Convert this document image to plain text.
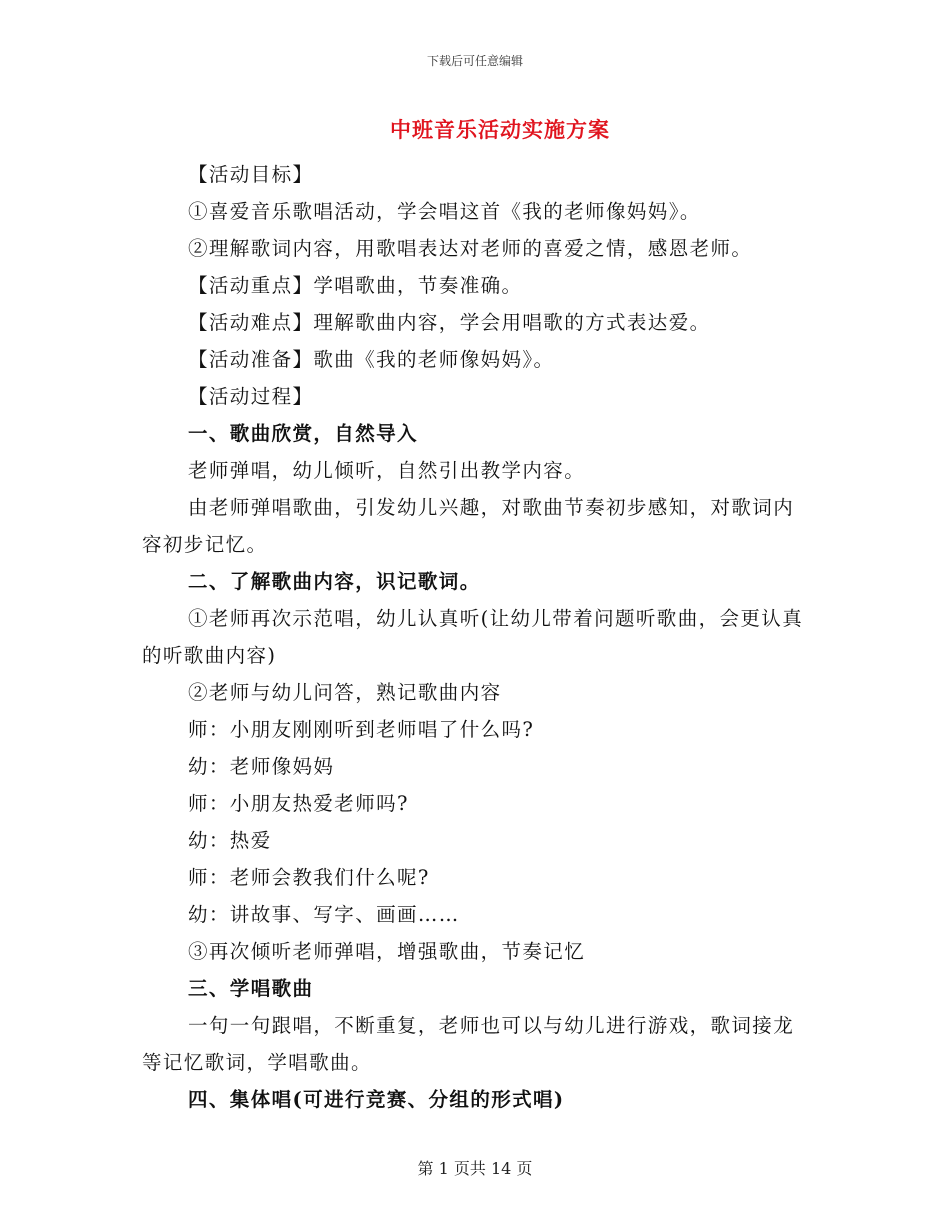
下载后可任意编辑
中班音乐活动实施方案

【活动目标】

①喜爱音乐歌唱活动，学会唱这首《我的老师像妈妈》。

②理解歌词内容，用歌唱表达对老师的喜爱之情，感恩老师。

【活动重点】学唱歌曲，节奏准确。

【活动难点】理解歌曲内容，学会用唱歌的方式表达爱。

【活动准备】歌曲《我的老师像妈妈》。

【活动过程】

一、歌曲欣赏，自然导入

老师弹唱，幼儿倾听，自然引出教学内容。

由老师弹唱歌曲，引发幼儿兴趣，对歌曲节奏初步感知，对歌词内容初步记忆。

二、了解歌曲内容，识记歌词。

①老师再次示范唱，幼儿认真听(让幼儿带着问题听歌曲，会更认真的听歌曲内容)

②老师与幼儿问答，熟记歌曲内容

师：小朋友刚刚听到老师唱了什么吗?

幼：老师像妈妈

师：小朋友热爱老师吗?

幼：热爱

师：老师会教我们什么呢?

幼：讲故事、写字、画画……

③再次倾听老师弹唱，增强歌曲，节奏记忆

三、学唱歌曲

一句一句跟唱，不断重复，老师也可以与幼儿进行游戏，歌词接龙等记忆歌词，学唱歌曲。

四、集体唱(可进行竞赛、分组的形式唱)

第 1 页共 14 页
